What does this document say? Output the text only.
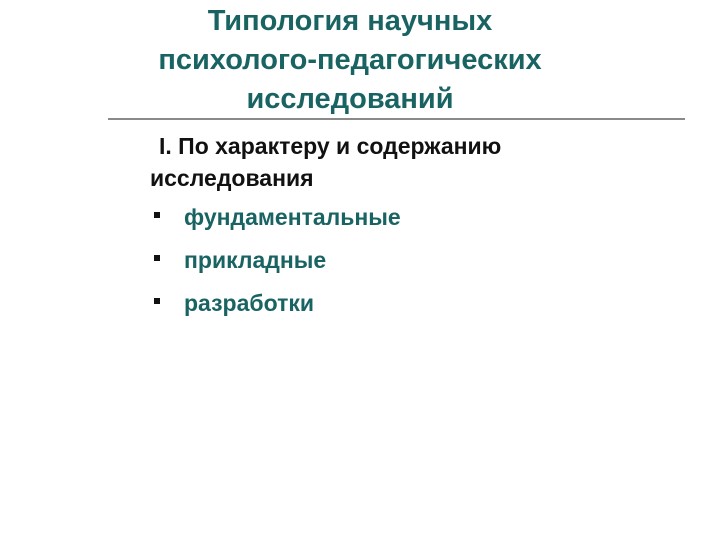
Типология научных
психолого-педагогических
исследований

I. По характеру и содержанию
исследования

фундаментальные
прикладные
разработки
